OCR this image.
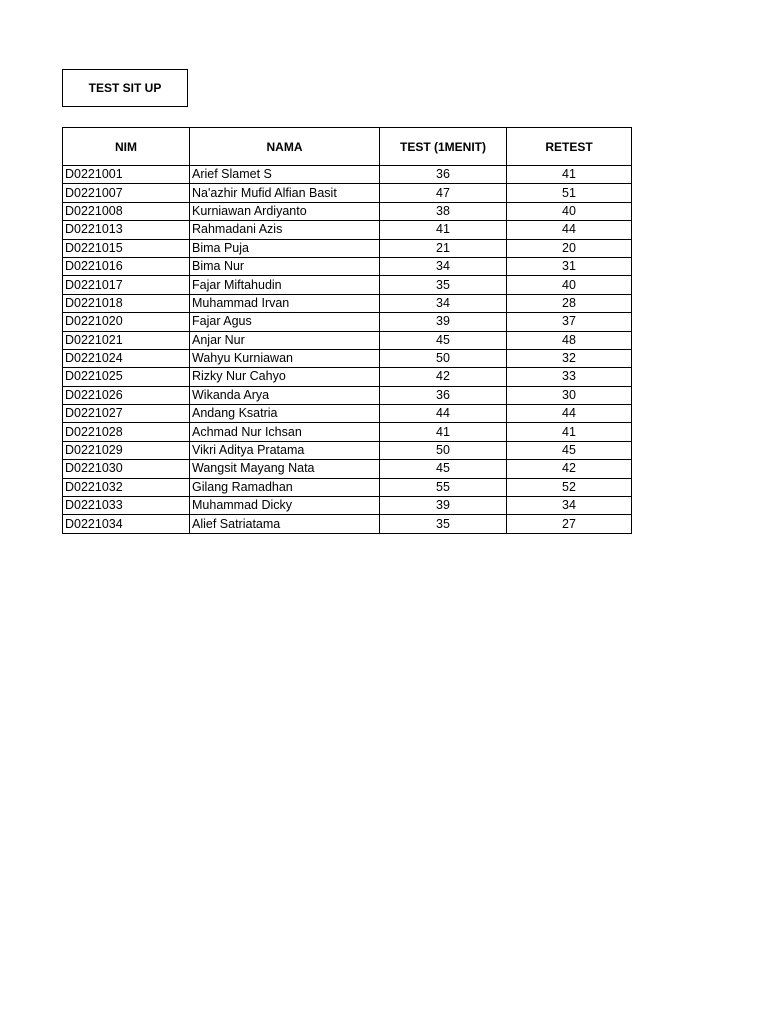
TEST SIT UP
NIM	NAMA	TEST (1MENIT)	RETEST
D0221001	Arief Slamet S	36	41
D0221007	Na'azhir Mufid Alfian Basit	47	51
D0221008	Kurniawan Ardiyanto	38	40
D0221013	Rahmadani Azis	41	44
D0221015	Bima Puja	21	20
D0221016	Bima Nur	34	31
D0221017	Fajar Miftahudin	35	40
D0221018	Muhammad Irvan	34	28
D0221020	Fajar Agus	39	37
D0221021	Anjar Nur	45	48
D0221024	Wahyu Kurniawan	50	32
D0221025	Rizky Nur Cahyo	42	33
D0221026	Wikanda Arya	36	30
D0221027	Andang Ksatria	44	44
D0221028	Achmad Nur Ichsan	41	41
D0221029	Vikri Aditya Pratama	50	45
D0221030	Wangsit Mayang Nata	45	42
D0221032	Gilang Ramadhan	55	52
D0221033	Muhammad Dicky	39	34
D0221034	Alief Satriatama	35	27
